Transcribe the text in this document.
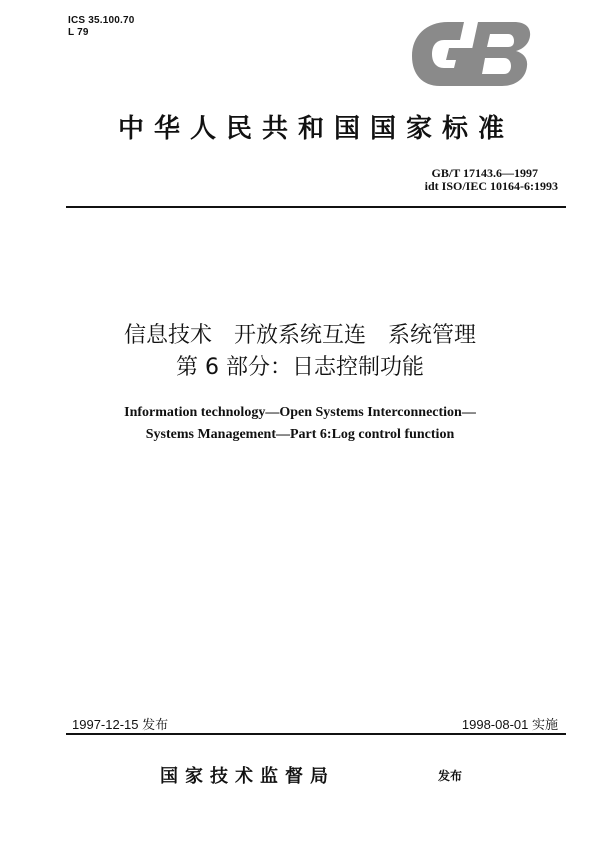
ICS 35.100.70
L 79
中华人民共和国国家标准
GB/T 17143.6—1997
idt ISO/IEC 10164-6:1993
信息技术　开放系统互连　系统管理
第 6 部分：日志控制功能
Information technology—Open Systems Interconnection—
Systems Management—Part 6:Log control function
1997-12-15 发布	1998-08-01 实施
国家技术监督局	发布
